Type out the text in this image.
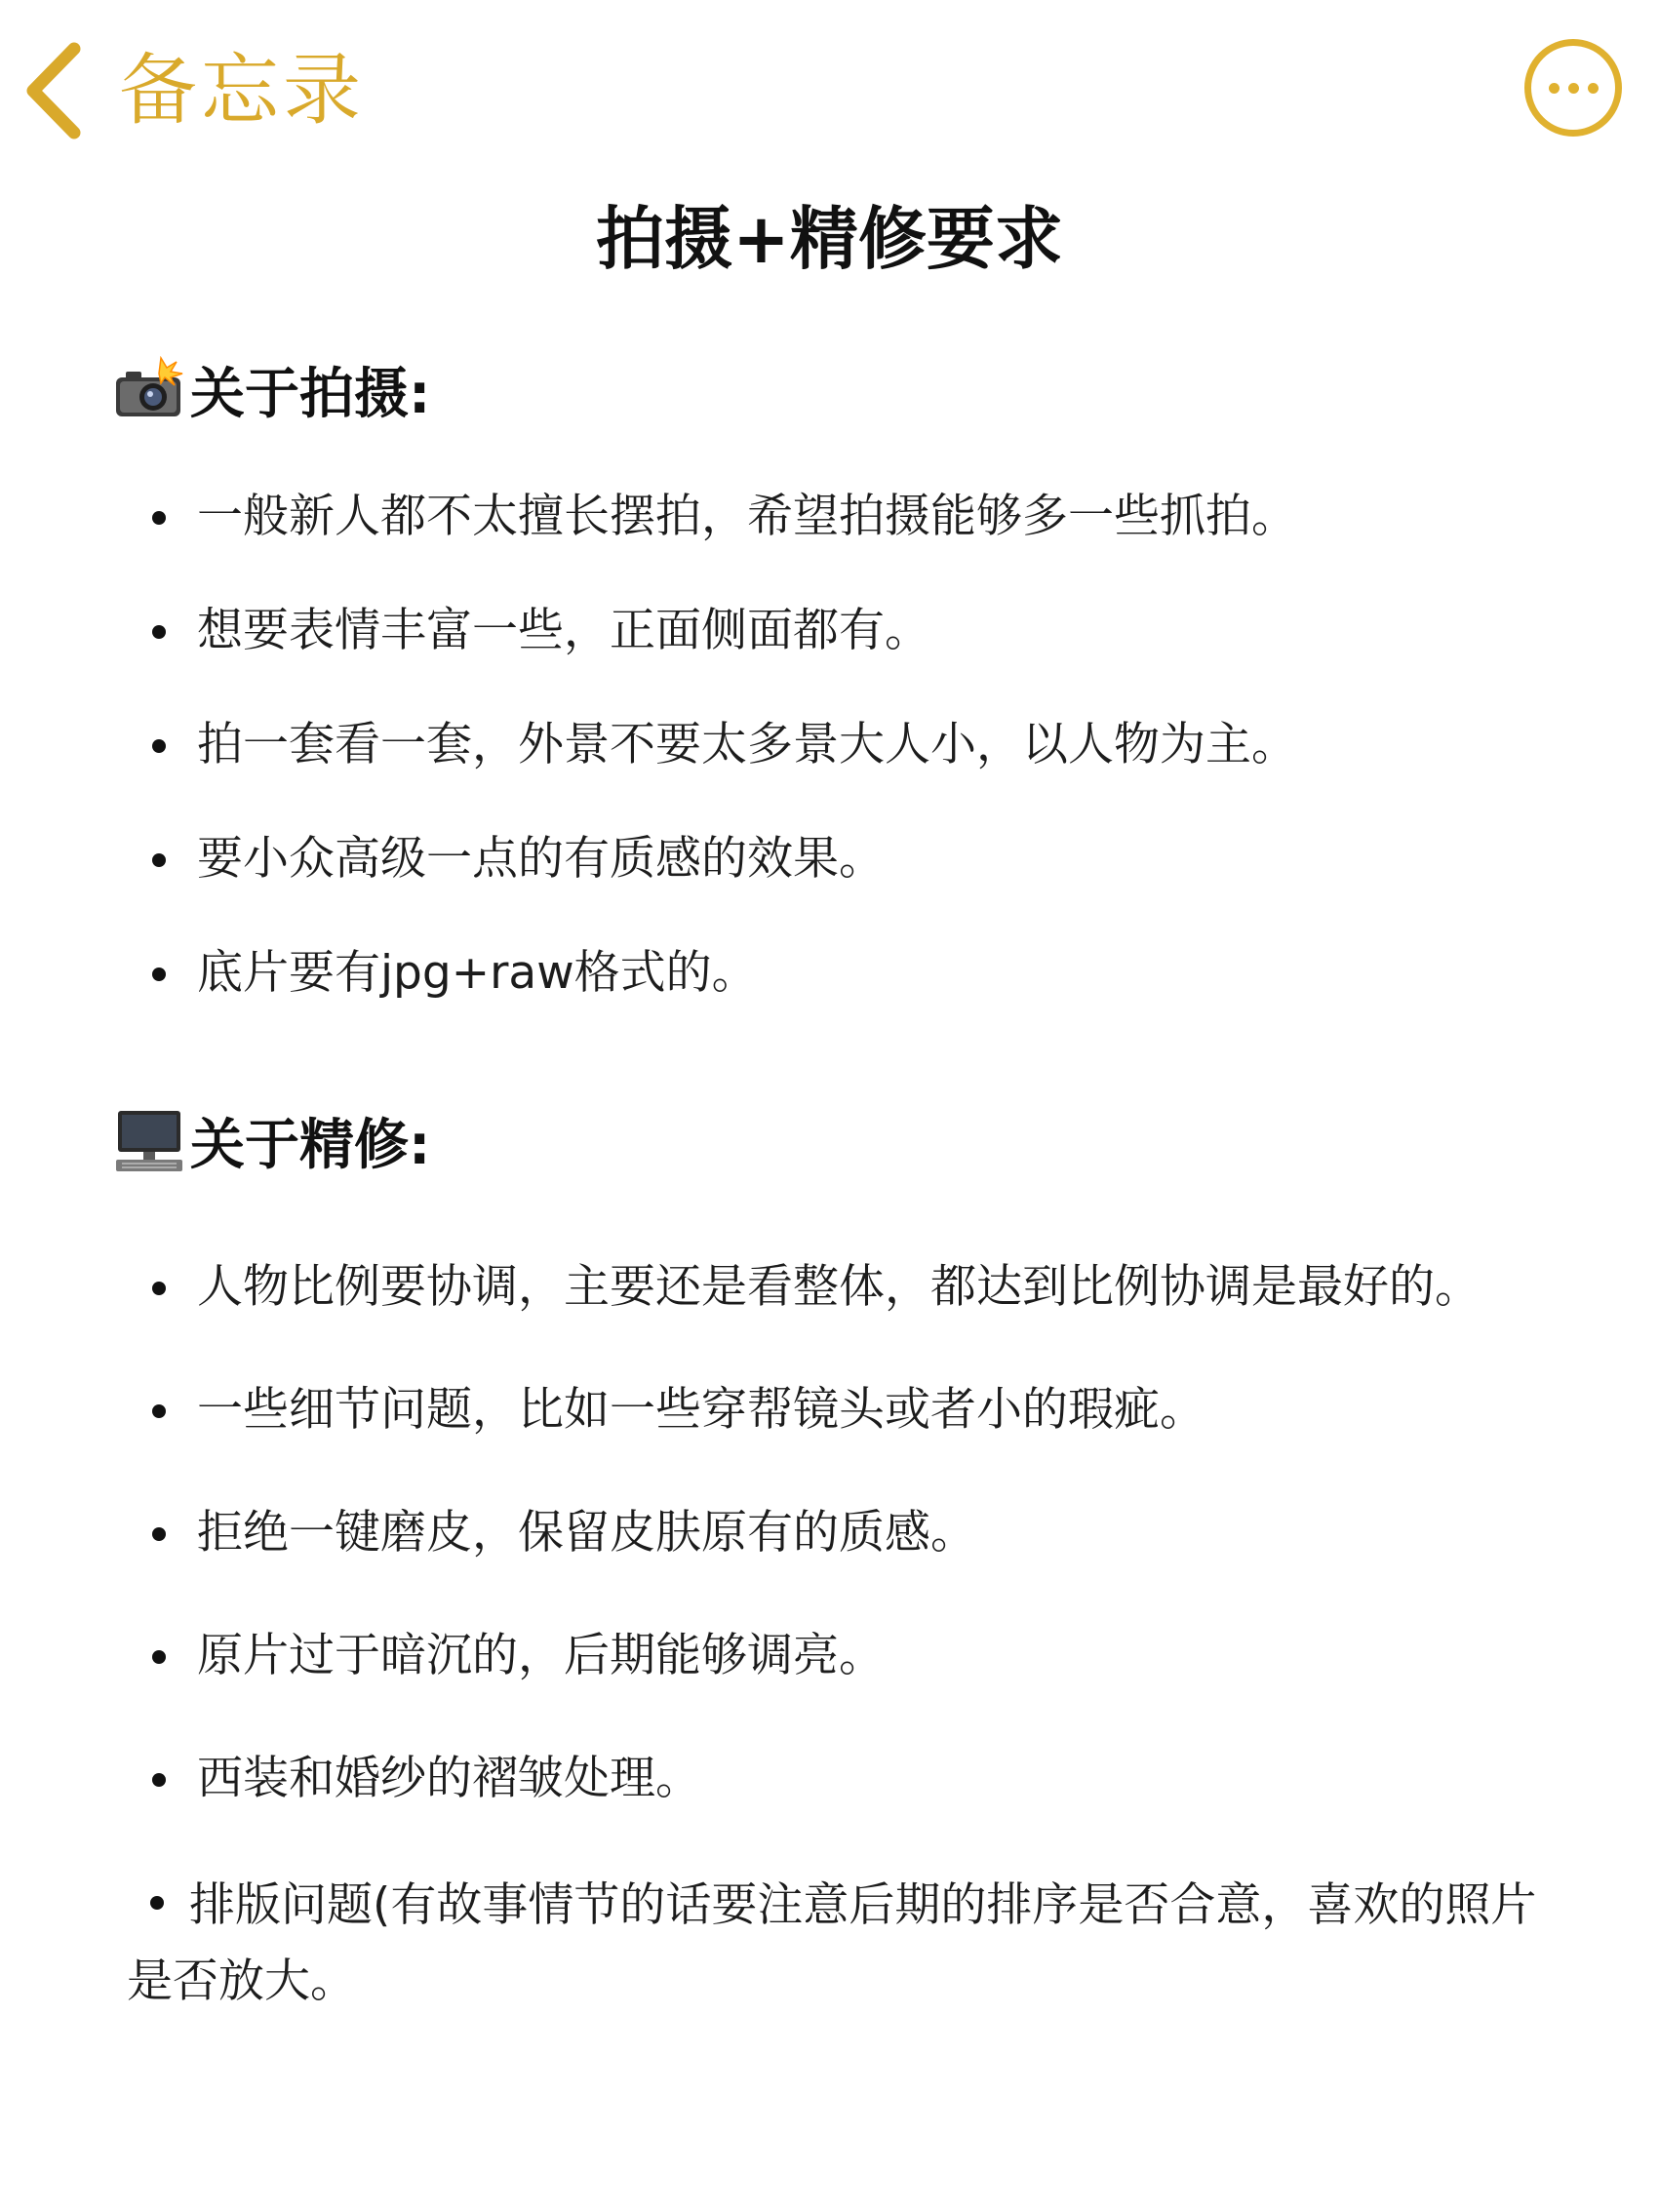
备忘录
拍摄+精修要求
关于拍摄:
一般新人都不太擅长摆拍，希望拍摄能够多一些抓拍。
想要表情丰富一些，正面侧面都有。
拍一套看一套，外景不要太多景大人小，以人物为主。
要小众高级一点的有质感的效果。
底片要有jpg+raw格式的。
关于精修:
人物比例要协调，主要还是看整体，都达到比例协调是最好的。
一些细节问题，比如一些穿帮镜头或者小的瑕疵。
拒绝一键磨皮，保留皮肤原有的质感。
原片过于暗沉的，后期能够调亮。
西装和婚纱的褶皱处理。
排版问题(有故事情节的话要注意后期的排序是否合意，喜欢的照片是否放大。
